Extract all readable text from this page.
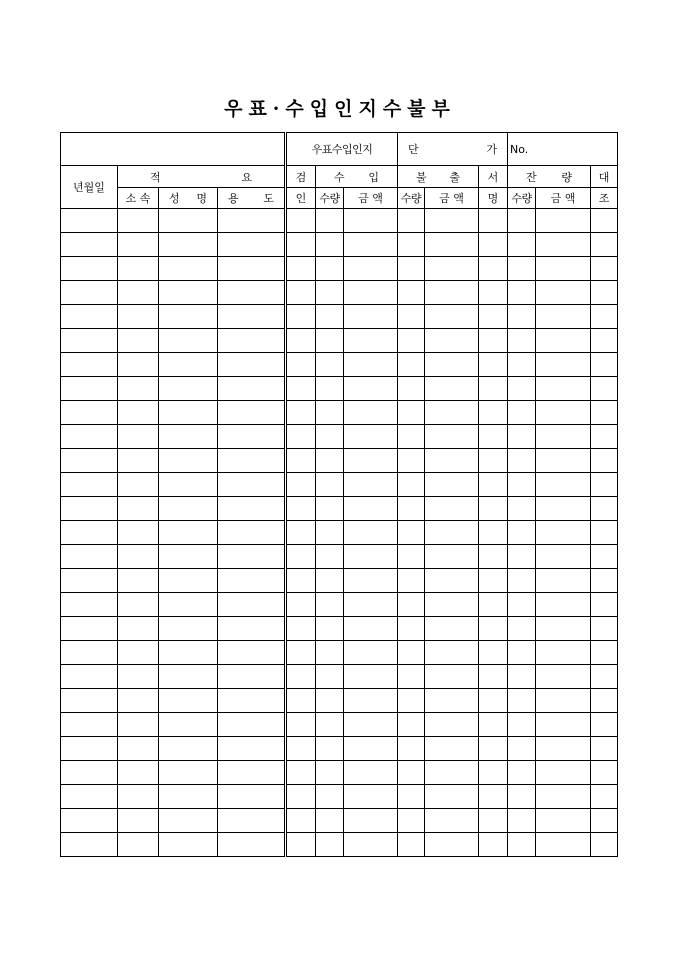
우표·수입인지수불부
				우표수입인지			단 가			No.		
년월일	적 요			검	수 입		불 출		서	잔 량		대
	소 속	성 명	용 도	인	수량	금 액	수량	금 액	명	수량	금 액	조
